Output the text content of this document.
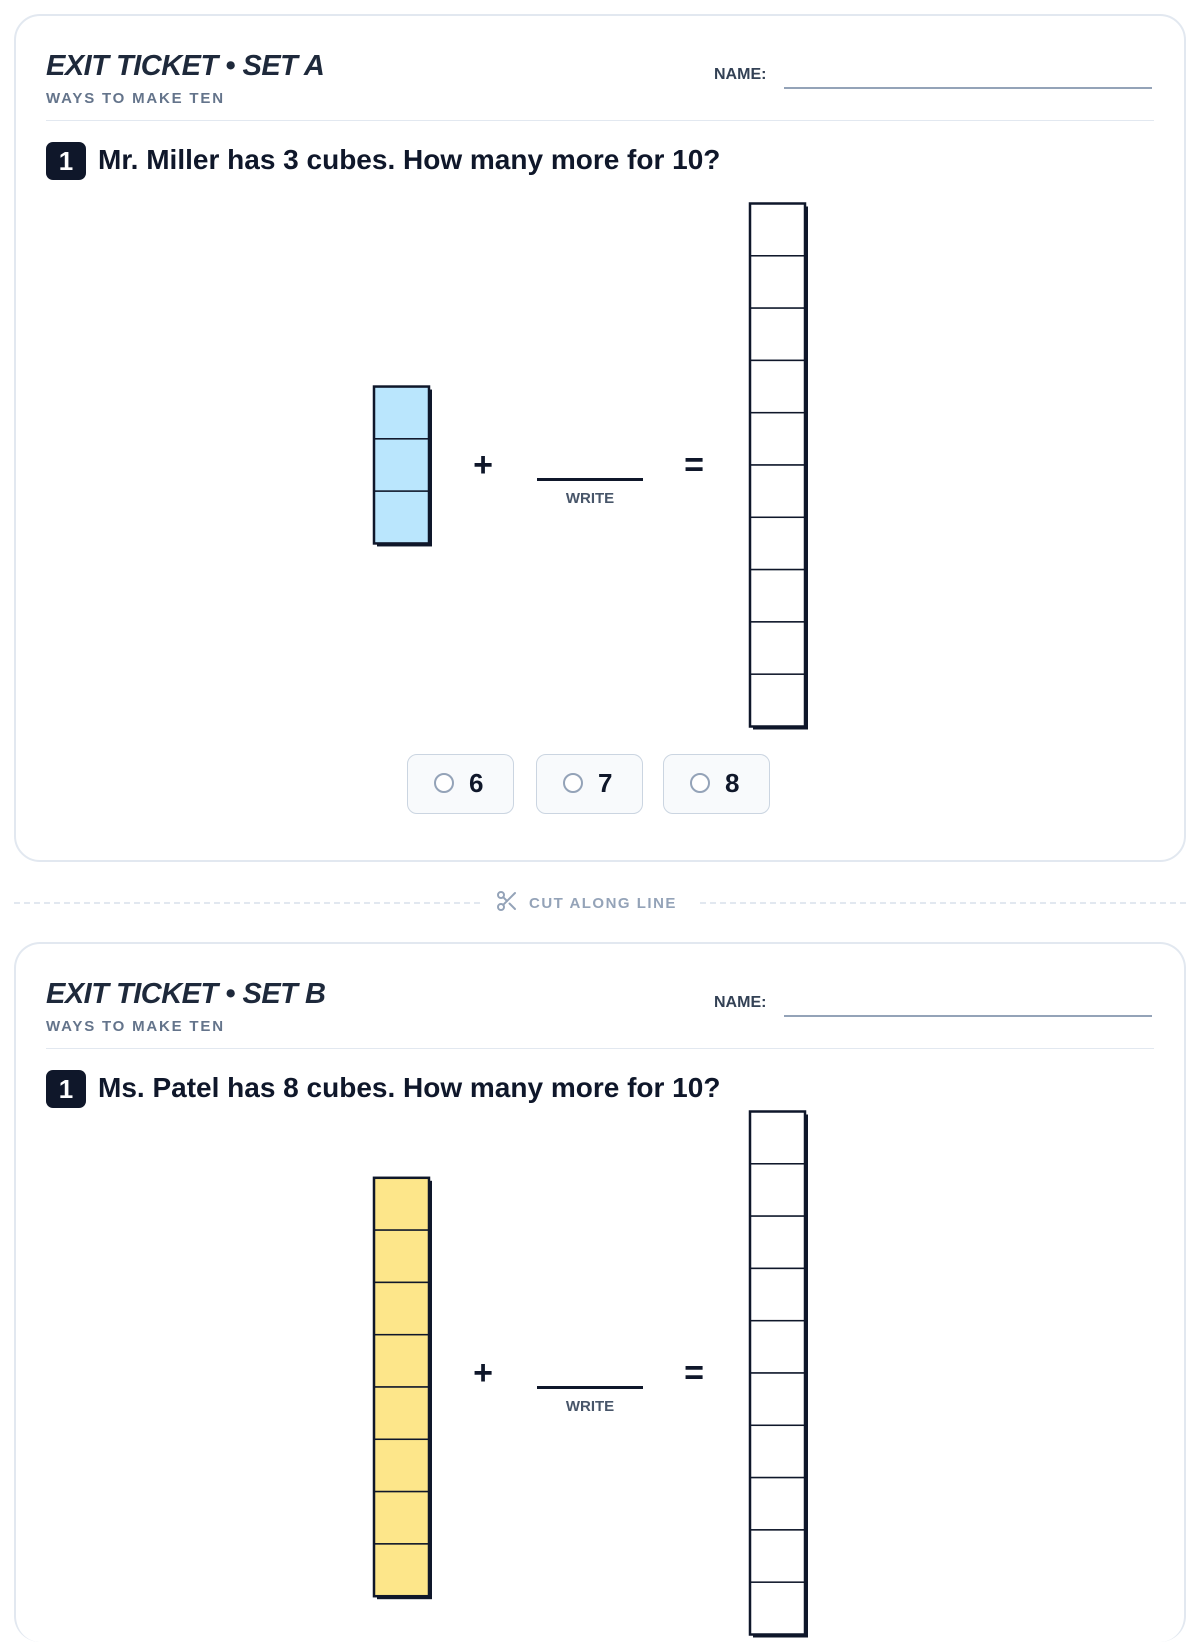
EXIT TICKET • SET A
WAYS TO MAKE TEN
NAME:
1 Mr. Miller has 3 cubes. How many more for 10?
+
WRITE
=
6	7	8
CUT ALONG LINE
EXIT TICKET • SET B
WAYS TO MAKE TEN
NAME:
1 Ms. Patel has 8 cubes. How many more for 10?
+
WRITE
=
